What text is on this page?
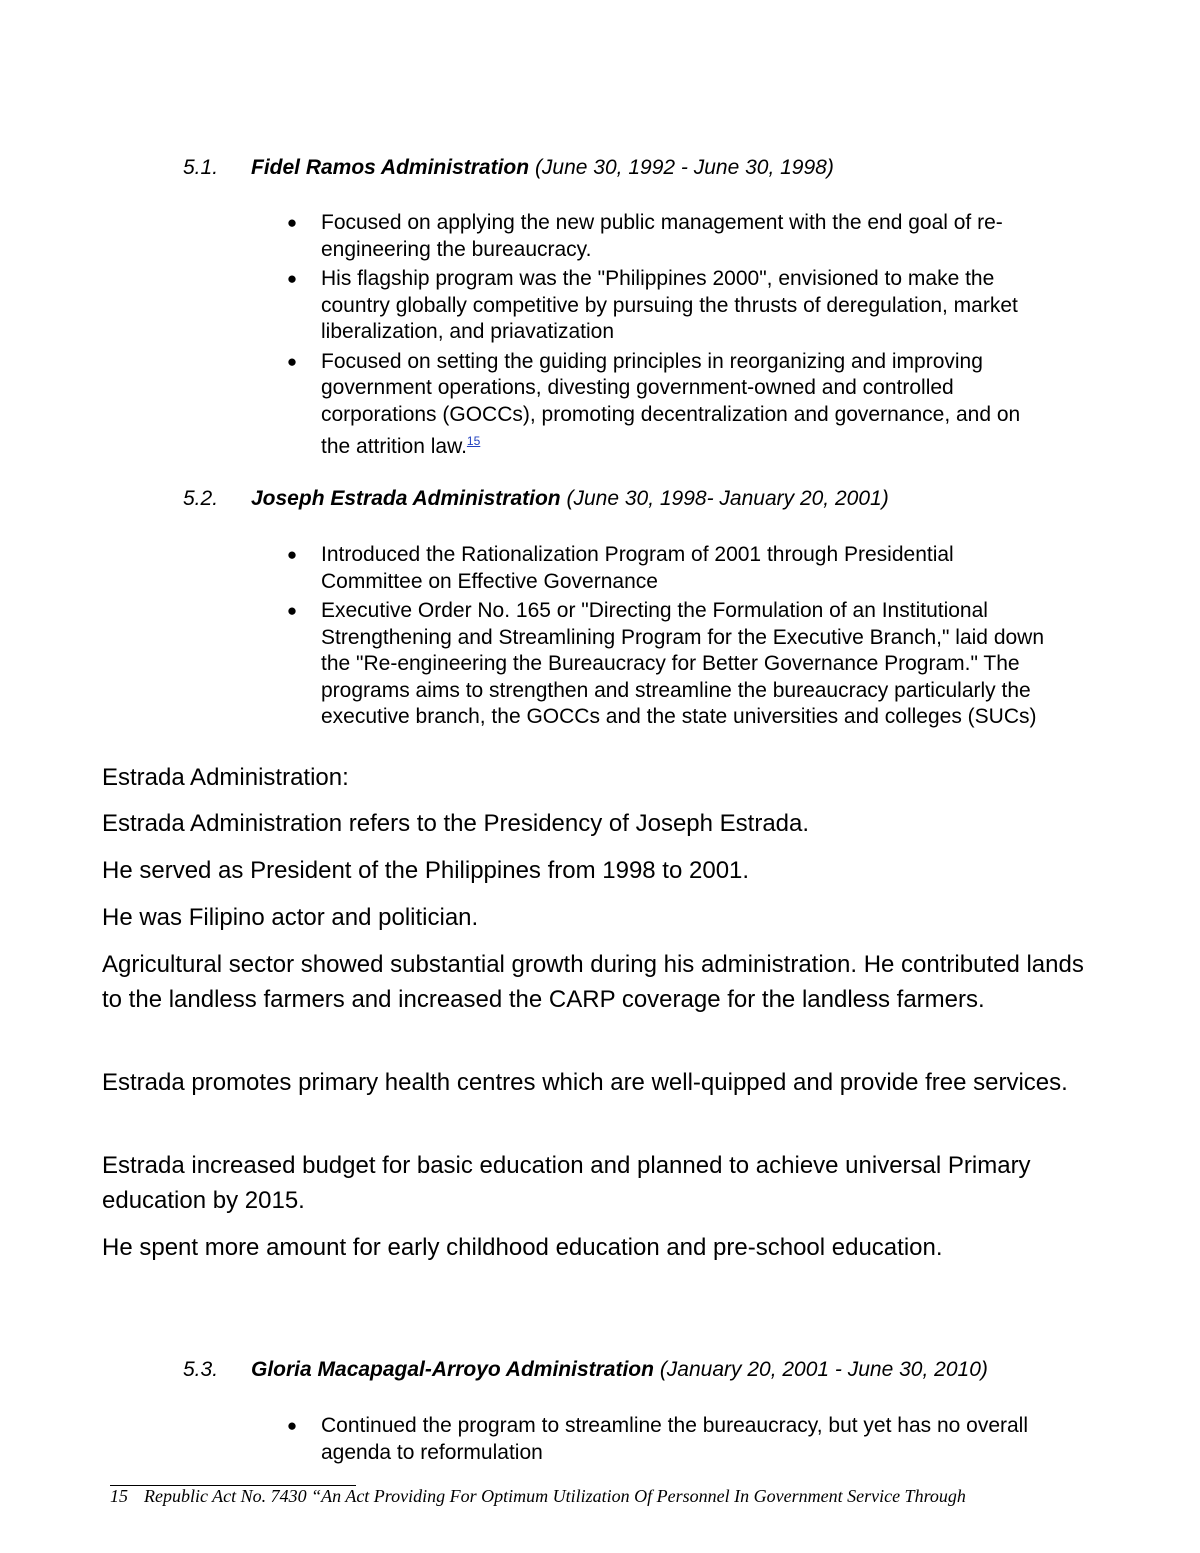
5.1. Fidel Ramos Administration (June 30, 1992 - June 30, 1998)
● Focused on applying the new public management with the end goal of re- engineering the bureaucracy.
● His flagship program was the "Philippines 2000", envisioned to make the country globally competitive by pursuing the thrusts of deregulation, market liberalization, and priavatization
● Focused on setting the guiding principles in reorganizing and improving government operations, divesting government-owned and controlled corporations (GOCCs), promoting decentralization and governance, and on the attrition law.$^{15}$
5.2. Joseph Estrada Administration (June 30, 1998- January 20, 2001)
● Introduced the Rationalization Program of 2001 through Presidential Committee on Effective Governance
● Executive Order No. 165 or "Directing the Formulation of an Institutional Strengthening and Streamlining Program for the Executive Branch," laid down the "Re-engineering the Bureaucracy for Better Governance Program." The programs aims to strengthen and streamline the bureaucracy particularly the executive branch, the GOCCs and the state universities and colleges (SUCs)

Estrada Administration:

Estrada Administration refers to the Presidency of Joseph Estrada.

He served as President of the Philippines from 1998 to 2001.

He was Filipino actor and politician.

Agricultural sector showed substantial growth during his administration. He contributed lands to the landless farmers and increased the CARP coverage for the landless farmers.

Estrada promotes primary health centres which are well-quipped and provide free services.

Estrada increased budget for basic education and planned to achieve universal Primary education by 2015.

He spent more amount for early childhood education and pre-school education.

5.3. Gloria Macapagal-Arroyo Administration (January 20, 2001 - June 30, 2010)
● Continued the program to streamline the bureaucracy, but yet has no overall agenda to reformulation
15 Republic Act No. 7430 “An Act Providing For Optimum Utilization Of Personnel In Government Service Through
